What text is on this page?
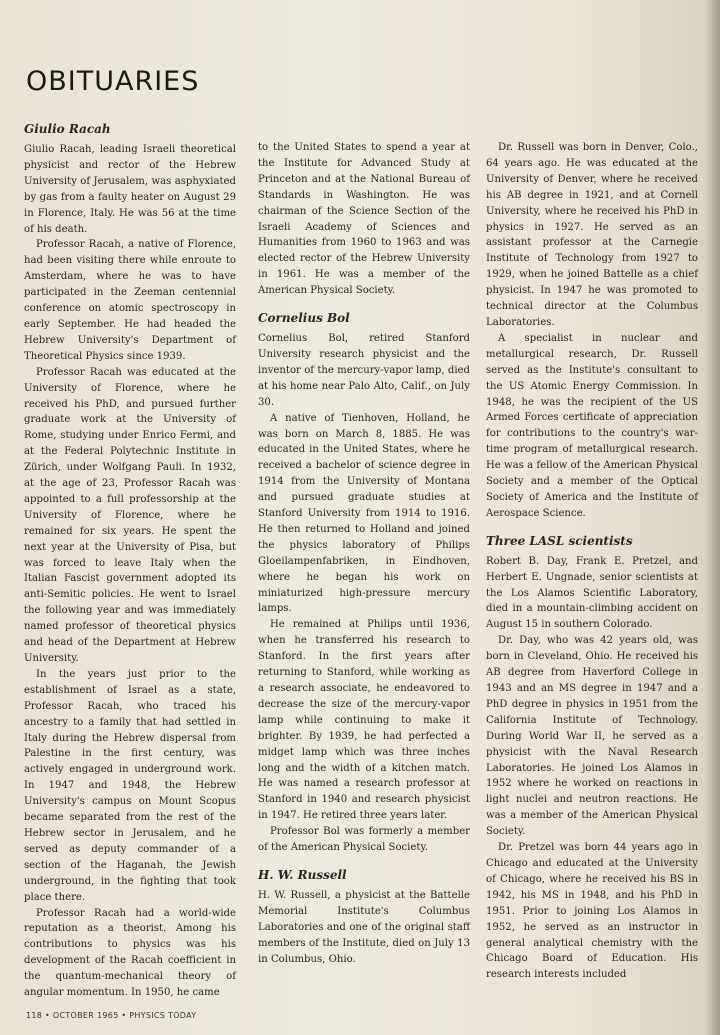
OBITUARIES

Giulio Racah

Giulio Racah, leading Israeli theoretical physicist and rector of the Hebrew University of Jerusalem, was asphyxiated by gas from a faulty heater on August 29 in Florence, Italy. He was 56 at the time of his death.

Professor Racah, a native of Florence, had been visiting there while enroute to Amsterdam, where he was to have participated in the Zeeman centennial conference on atomic spectroscopy in early September. He had headed the Hebrew University's Department of Theoretical Physics since 1939.

Professor Racah was educated at the University of Florence, where he received his PhD, and pursued further graduate work at the University of Rome, studying under Enrico Fermi, and at the Federal Polytechnic Institute in Zürich, under Wolfgang Pauli. In 1932, at the age of 23, Professor Racah was appointed to a full professorship at the University of Florence, where he remained for six years. He spent the next year at the University of Pisa, but was forced to leave Italy when the Italian Fascist government adopted its anti-Semitic policies. He went to Israel the following year and was immediately named professor of theoretical physics and head of the Department at Hebrew University.

In the years just prior to the establishment of Israel as a state, Professor Racah, who traced his ancestry to a family that had settled in Italy during the Hebrew dispersal from Palestine in the first century, was actively engaged in underground work. In 1947 and 1948, the Hebrew University's campus on Mount Scopus became separated from the rest of the Hebrew sector in Jerusalem, and he served as deputy commander of a section of the Haganah, the Jewish underground, in the fighting that took place there.

Professor Racah had a world-wide reputation as a theorist. Among his contributions to physics was his development of the Racah coefficient in the quantum-mechanical theory of angular momentum. In 1950, he came

to the United States to spend a year at the Institute for Advanced Study at Princeton and at the National Bureau of Standards in Washington. He was chairman of the Science Section of the Israeli Academy of Sciences and Humanities from 1960 to 1963 and was elected rector of the Hebrew University in 1961. He was a member of the American Physical Society.

Cornelius Bol

Cornelius Bol, retired Stanford University research physicist and the inventor of the mercury-vapor lamp, died at his home near Palo Alto, Calif., on July 30.

A native of Tienhoven, Holland, he was born on March 8, 1885. He was educated in the United States, where he received a bachelor of science degree in 1914 from the University of Montana and pursued graduate studies at Stanford University from 1914 to 1916. He then returned to Holland and joined the physics laboratory of Philips Gloeilampenfabriken, in Eindhoven, where he began his work on miniaturized high-pressure mercury lamps.

He remained at Philips until 1936, when he transferred his research to Stanford. In the first years after returning to Stanford, while working as a research associate, he endeavored to decrease the size of the mercury-vapor lamp while continuing to make it brighter. By 1939, he had perfected a midget lamp which was three inches long and the width of a kitchen match. He was named a research professor at Stanford in 1940 and research physicist in 1947. He retired three years later.

Professor Bol was formerly a member of the American Physical Society.

H. W. Russell

H. W. Russell, a physicist at the Battelle Memorial Institute's Columbus Laboratories and one of the original staff members of the Institute, died on July 13 in Columbus, Ohio.

Dr. Russell was born in Denver, Colo., 64 years ago. He was educated at the University of Denver, where he received his AB degree in 1921, and at Cornell University, where he received his PhD in physics in 1927. He served as an assistant professor at the Carnegie Institute of Technology from 1927 to 1929, when he joined Battelle as a chief physicist. In 1947 he was promoted to technical director at the Columbus Laboratories.

A specialist in nuclear and metallurgical research, Dr. Russell served as the Institute's consultant to the US Atomic Energy Commission. In 1948, he was the recipient of the US Armed Forces certificate of appreciation for contributions to the country's war-time program of metallurgical research. He was a fellow of the American Physical Society and a member of the Optical Society of America and the Institute of Aerospace Science.

Three LASL scientists

Robert B. Day, Frank E. Pretzel, and Herbert E. Ungnade, senior scientists at the Los Alamos Scientific Laboratory, died in a mountain-climbing accident on August 15 in southern Colorado.

Dr. Day, who was 42 years old, was born in Cleveland, Ohio. He received his AB degree from Haverford College in 1943 and an MS degree in 1947 and a PhD degree in physics in 1951 from the California Institute of Technology. During World War II, he served as a physicist with the Naval Research Laboratories. He joined Los Alamos in 1952 where he worked on reactions in light nuclei and neutron reactions. He was a member of the American Physical Society.

Dr. Pretzel was born 44 years ago in Chicago and educated at the University of Chicago, where he received his BS in 1942, his MS in 1948, and his PhD in 1951. Prior to joining Los Alamos in 1952, he served as an instructor in general analytical chemistry with the Chicago Board of Education. His research interests included

118 • OCTOBER 1965 • PHYSICS TODAY
